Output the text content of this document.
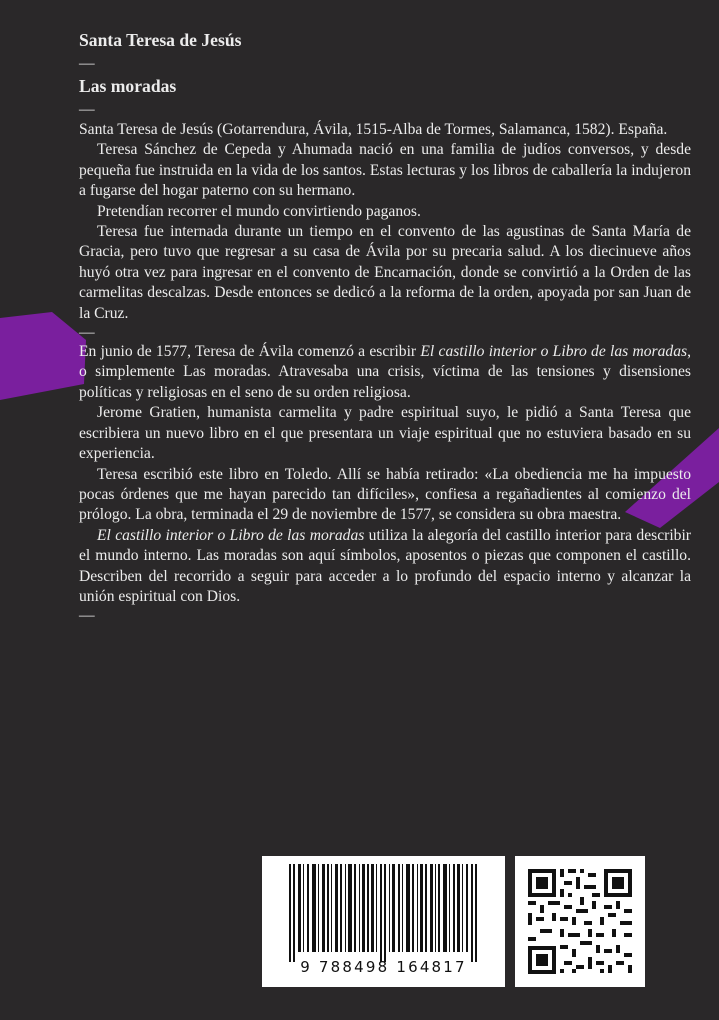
Santa Teresa de Jesús
—
Las moradas
—

Santa Teresa de Jesús (Gotarrendura, Ávila, 1515-Alba de Tormes, Salamanca, 1582). España.

Teresa Sánchez de Cepeda y Ahumada nació en una familia de judíos conversos, y desde pequeña fue instruida en la vida de los santos. Estas lecturas y los libros de caballería la indujeron a fugarse del hogar paterno con su hermano.

Pretendían recorrer el mundo convirtiendo paganos.

Teresa fue internada durante un tiempo en el convento de las agustinas de Santa María de Gracia, pero tuvo que regresar a su casa de Ávila por su precaria salud. A los diecinueve años huyó otra vez para ingresar en el convento de Encarnación, donde se convirtió a la Orden de las carmelitas descalzas. Desde entonces se dedicó a la reforma de la orden, apoyada por san Juan de la Cruz.

—

En junio de 1577, Teresa de Ávila comenzó a escribir El castillo interior o Libro de las moradas, o simplemente Las moradas. Atravesaba una crisis, víctima de las tensiones y disensiones políticas y religiosas en el seno de su orden religiosa.

Jerome Gratien, humanista carmelita y padre espiritual suyo, le pidió a Santa Teresa que escribiera un nuevo libro en el que presentara un viaje espiritual que no estuviera basado en su experiencia.

Teresa escribió este libro en Toledo. Allí se había retirado: «La obediencia me ha impuesto pocas órdenes que me hayan parecido tan difíciles», confiesa a regañadientes al comienzo del prólogo. La obra, terminada el 29 de noviembre de 1577, se considera su obra maestra.

El castillo interior o Libro de las moradas utiliza la alegoría del castillo interior para describir el mundo interno. Las moradas son aquí símbolos, aposentos o piezas que componen el castillo. Describen del recorrido a seguir para acceder a lo profundo del espacio interno y alcanzar la unión espiritual con Dios.

—
9 788498 164817
